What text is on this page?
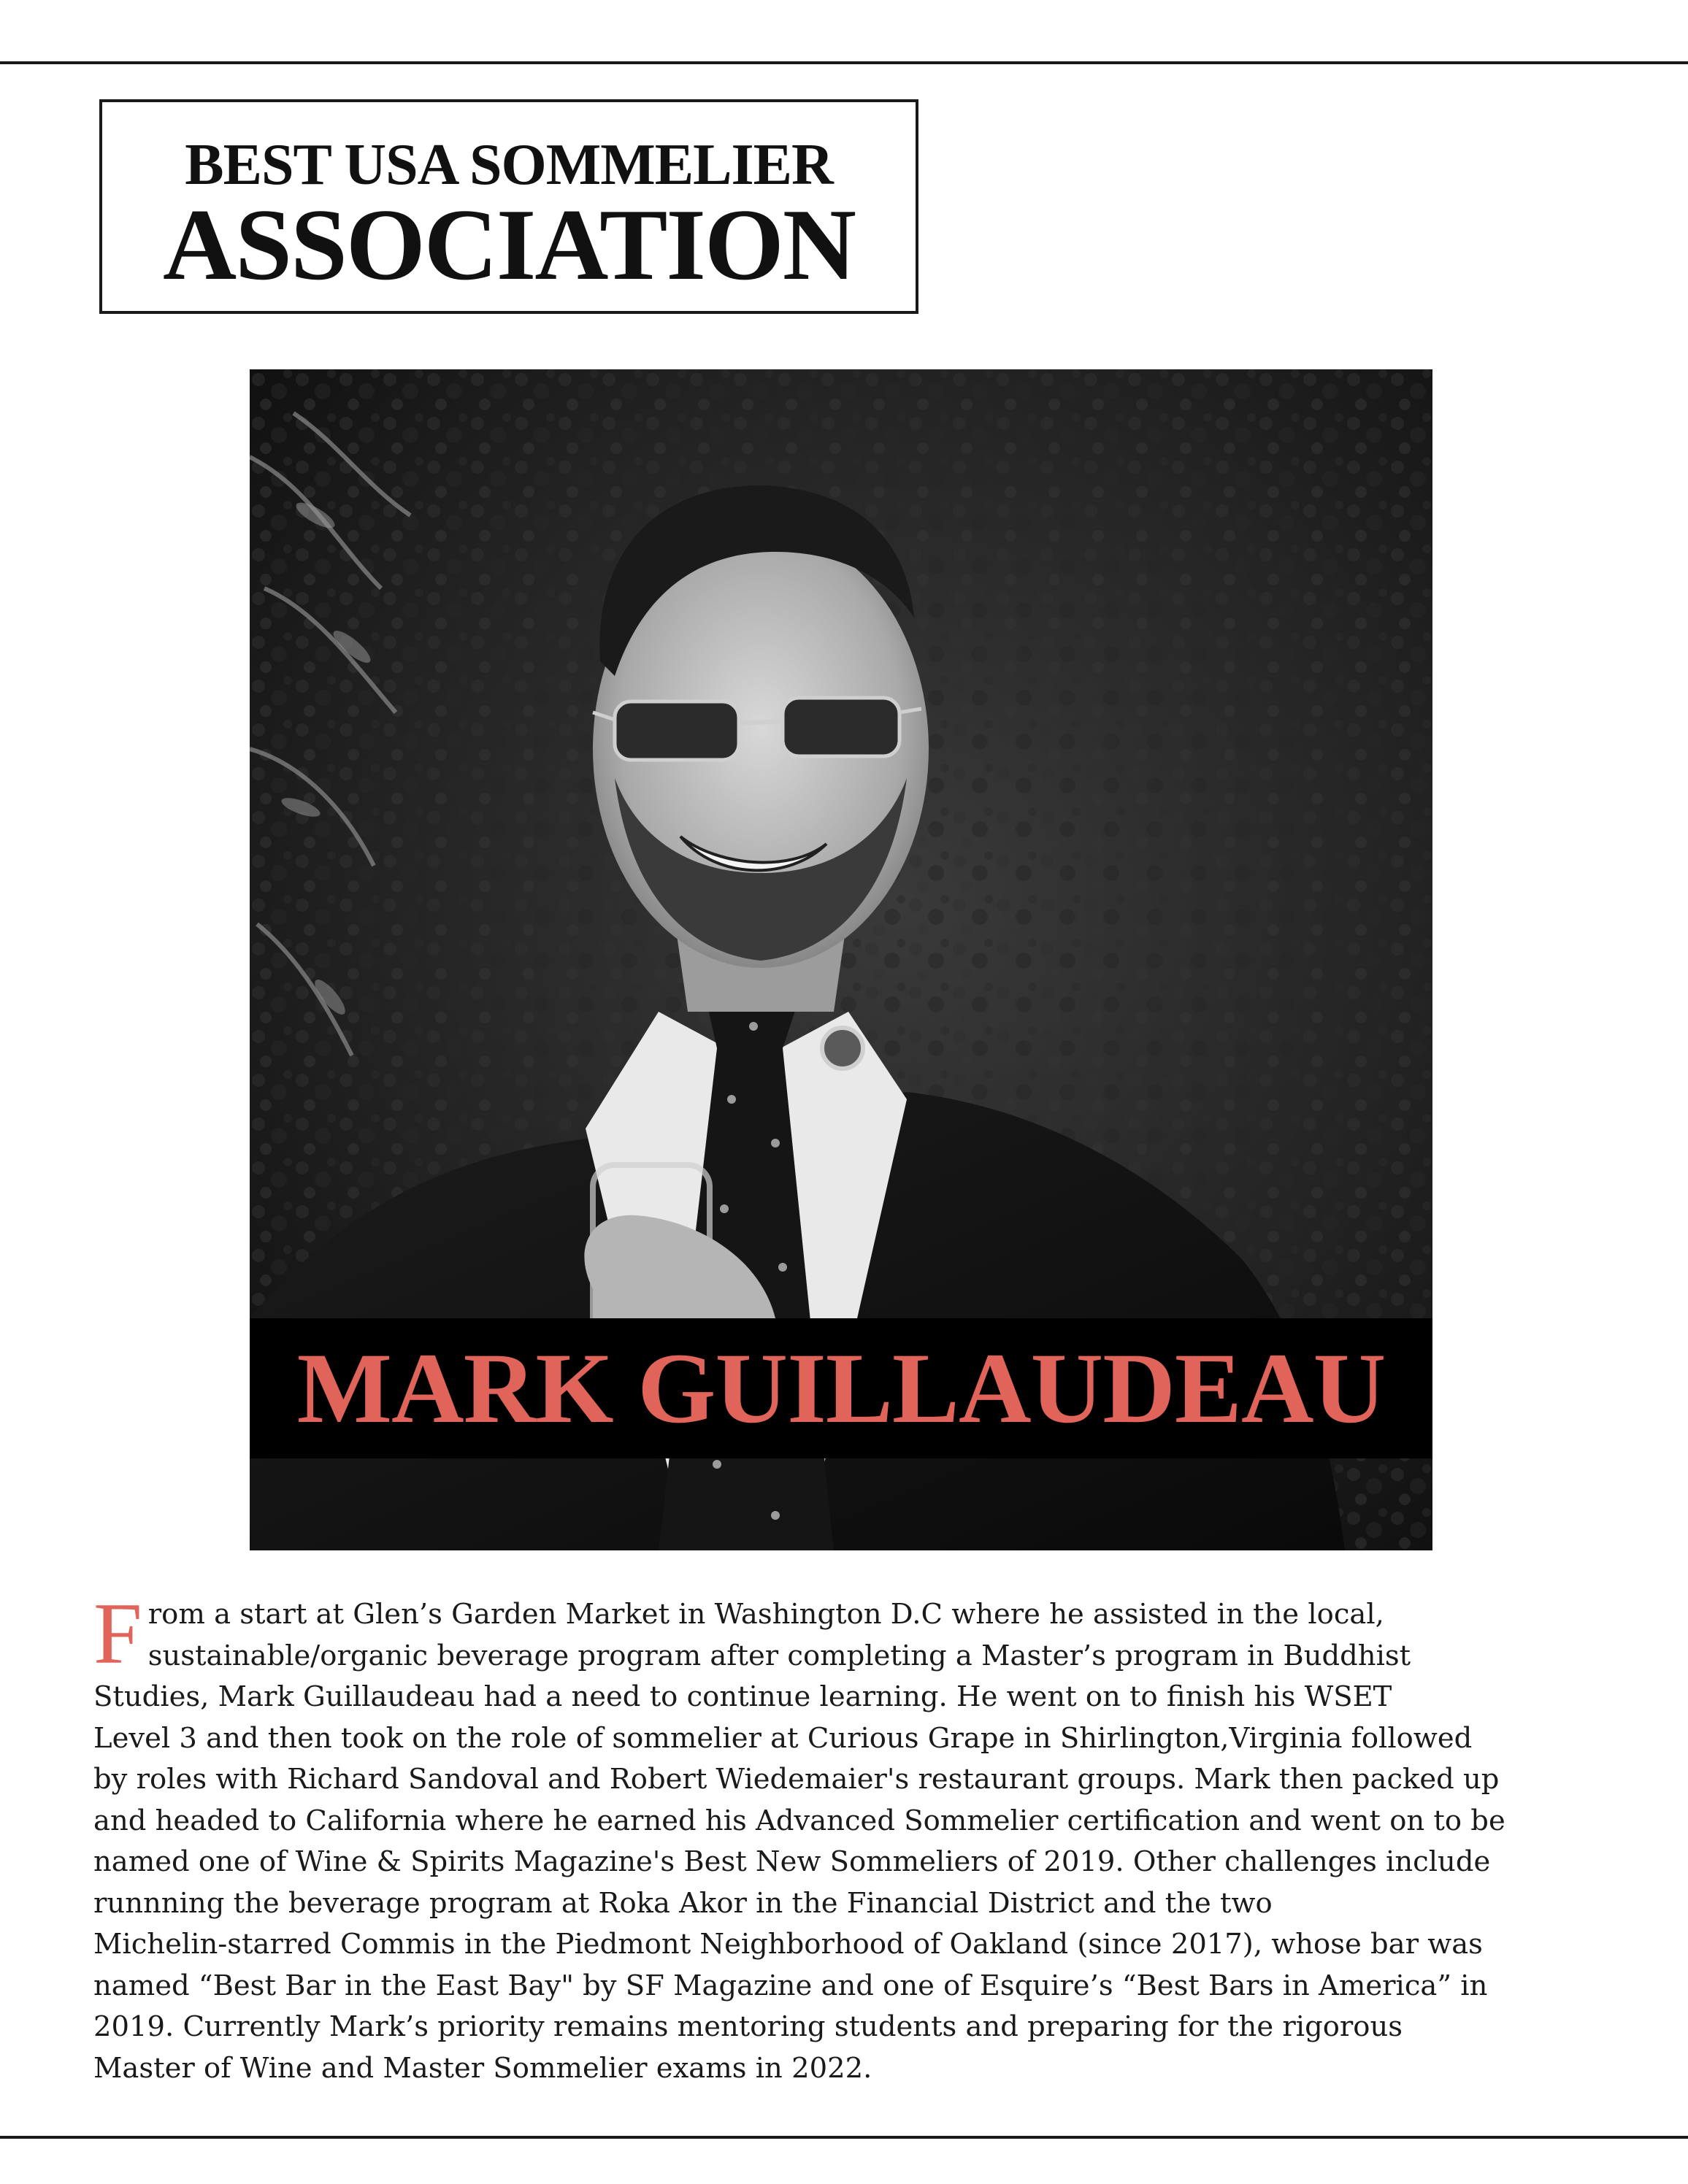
BEST USA SOMMELIER
ASSOCIATION
MARK GUILLAUDEAU
F rom a start at Glen’s Garden Market in Washington D.C where he assisted in the local,
sustainable/organic beverage program after completing a Master’s program in Buddhist
Studies, Mark Guillaudeau had a need to continue learning. He went on to finish his WSET
Level 3 and then took on the role of sommelier at Curious Grape in Shirlington,Virginia followed
by roles with Richard Sandoval and Robert Wiedemaier's restaurant groups. Mark then packed up
and headed to California where he earned his Advanced Sommelier certification and went on to be
named one of Wine & Spirits Magazine's Best New Sommeliers of 2019. Other challenges include
runnning the beverage program at Roka Akor in the Financial District and the two
Michelin-starred Commis in the Piedmont Neighborhood of Oakland (since 2017), whose bar was
named “Best Bar in the East Bay" by SF Magazine and one of Esquire’s “Best Bars in America” in
2019. Currently Mark’s priority remains mentoring students and preparing for the rigorous
Master of Wine and Master Sommelier exams in 2022.
